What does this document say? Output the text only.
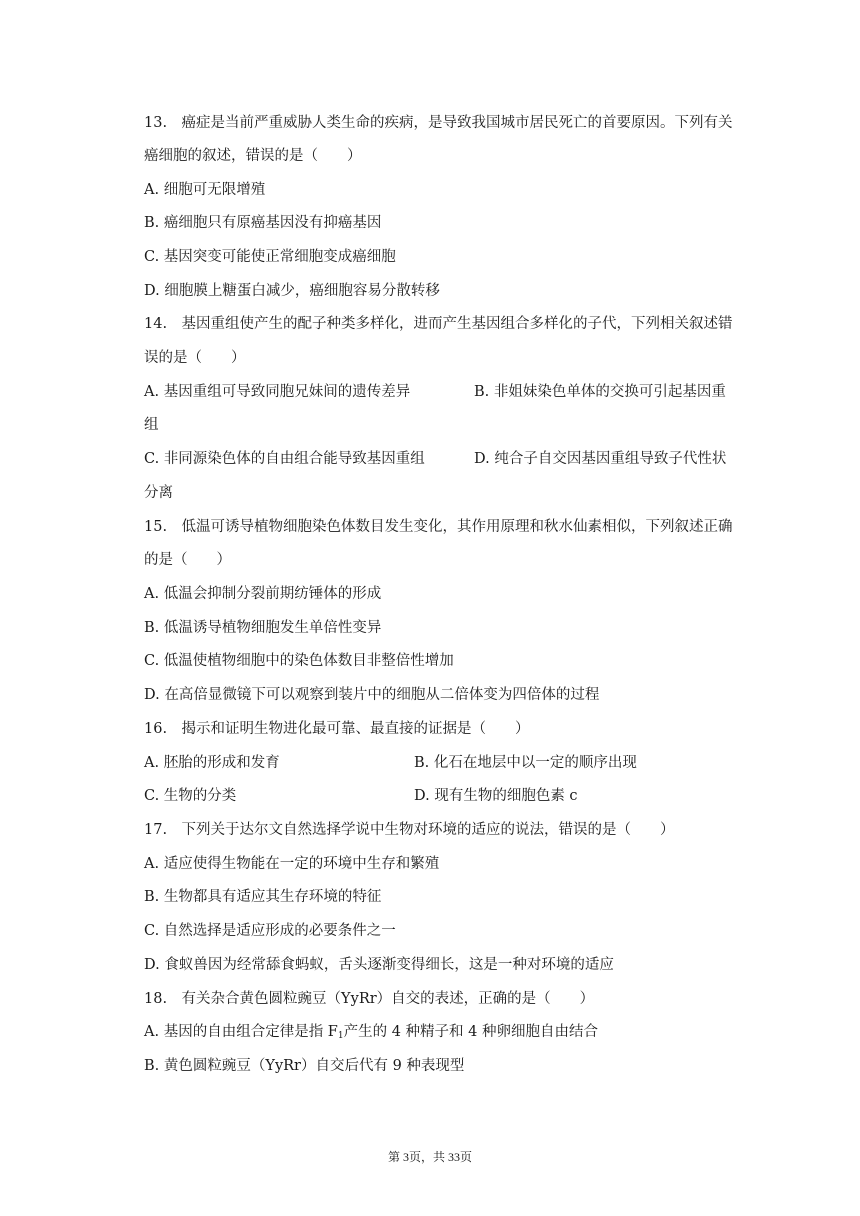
13.　癌症是当前严重威胁人类生命的疾病，是导致我国城市居民死亡的首要原因。下列有关
癌细胞的叙述，错误的是（　　）
A. 细胞可无限增殖
B. 癌细胞只有原癌基因没有抑癌基因
C. 基因突变可能使正常细胞变成癌细胞
D. 细胞膜上糖蛋白减少，癌细胞容易分散转移
14.　基因重组使产生的配子种类多样化，进而产生基因组合多样化的子代，下列相关叙述错
误的是（　　）
A. 基因重组可导致同胞兄妹间的遗传差异	B. 非姐妹染色单体的交换可引起基因重
组
C. 非同源染色体的自由组合能导致基因重组	D. 纯合子自交因基因重组导致子代性状
分离
15.　低温可诱导植物细胞染色体数目发生变化，其作用原理和秋水仙素相似，下列叙述正确
的是（　　）
A. 低温会抑制分裂前期纺锤体的形成
B. 低温诱导植物细胞发生单倍性变异
C. 低温使植物细胞中的染色体数目非整倍性增加
D. 在高倍显微镜下可以观察到装片中的细胞从二倍体变为四倍体的过程
16.　揭示和证明生物进化最可靠、最直接的证据是（　　）
A. 胚胎的形成和发育	B. 化石在地层中以一定的顺序出现
C. 生物的分类	D. 现有生物的细胞色素 c
17.　下列关于达尔文自然选择学说中生物对环境的适应的说法，错误的是（　　）
A. 适应使得生物能在一定的环境中生存和繁殖
B. 生物都具有适应其生存环境的特征
C. 自然选择是适应形成的必要条件之一
D. 食蚁兽因为经常舔食蚂蚁，舌头逐渐变得细长，这是一种对环境的适应
18.　有关杂合黄色圆粒豌豆（YyRr）自交的表述，正确的是（　　）
A. 基因的自由组合定律是指 $F_1$产生的 4 种精子和 4 种卵细胞自由结合
B. 黄色圆粒豌豆（YyRr）自交后代有 9 种表现型
第 3页，共 33页
